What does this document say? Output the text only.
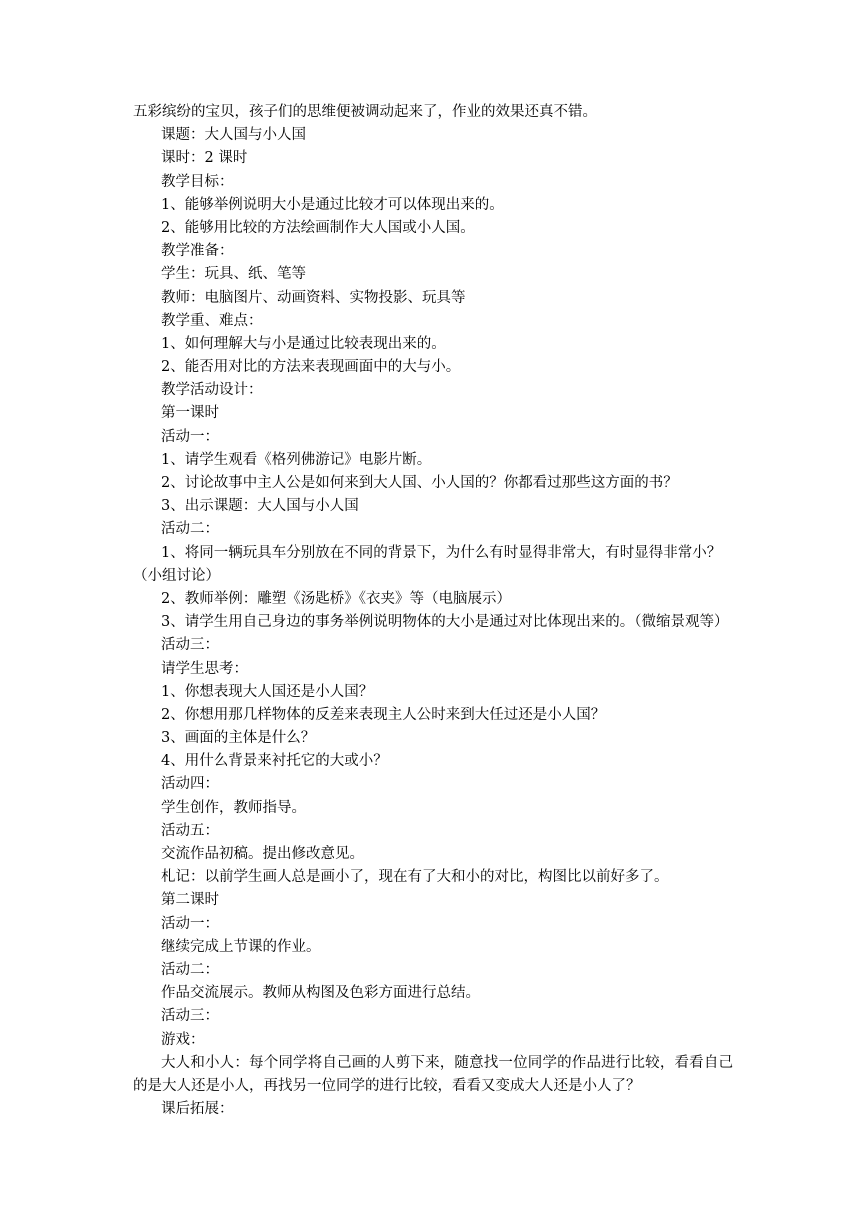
五彩缤纷的宝贝，孩子们的思维便被调动起来了，作业的效果还真不错。
课题：大人国与小人国
课时：2 课时
教学目标：
1、能够举例说明大小是通过比较才可以体现出来的。
2、能够用比较的方法绘画制作大人国或小人国。
教学准备：
学生：玩具、纸、笔等
教师：电脑图片、动画资料、实物投影、玩具等
教学重、难点：
1、如何理解大与小是通过比较表现出来的。
2、能否用对比的方法来表现画面中的大与小。
教学活动设计：
第一课时
活动一：
1、请学生观看《格列佛游记》电影片断。
2、讨论故事中主人公是如何来到大人国、小人国的？你都看过那些这方面的书？
3、出示课题：大人国与小人国
活动二：
1、将同一辆玩具车分别放在不同的背景下，为什么有时显得非常大，有时显得非常小？
（小组讨论）
2、教师举例：雕塑《汤匙桥》《衣夹》等（电脑展示）
3、请学生用自己身边的事务举例说明物体的大小是通过对比体现出来的。（微缩景观等）
活动三：
请学生思考：
1、你想表现大人国还是小人国？
2、你想用那几样物体的反差来表现主人公时来到大任过还是小人国？
3、画面的主体是什么？
4、用什么背景来衬托它的大或小？
活动四：
学生创作，教师指导。
活动五：
交流作品初稿。提出修改意见。
札记：以前学生画人总是画小了，现在有了大和小的对比，构图比以前好多了。
第二课时
活动一：
继续完成上节课的作业。
活动二：
作品交流展示。教师从构图及色彩方面进行总结。
活动三：
游戏：
大人和小人：每个同学将自己画的人剪下来，随意找一位同学的作品进行比较，看看自己的是大人还是小人，再找另一位同学的进行比较，看看又变成大人还是小人了？
课后拓展：
